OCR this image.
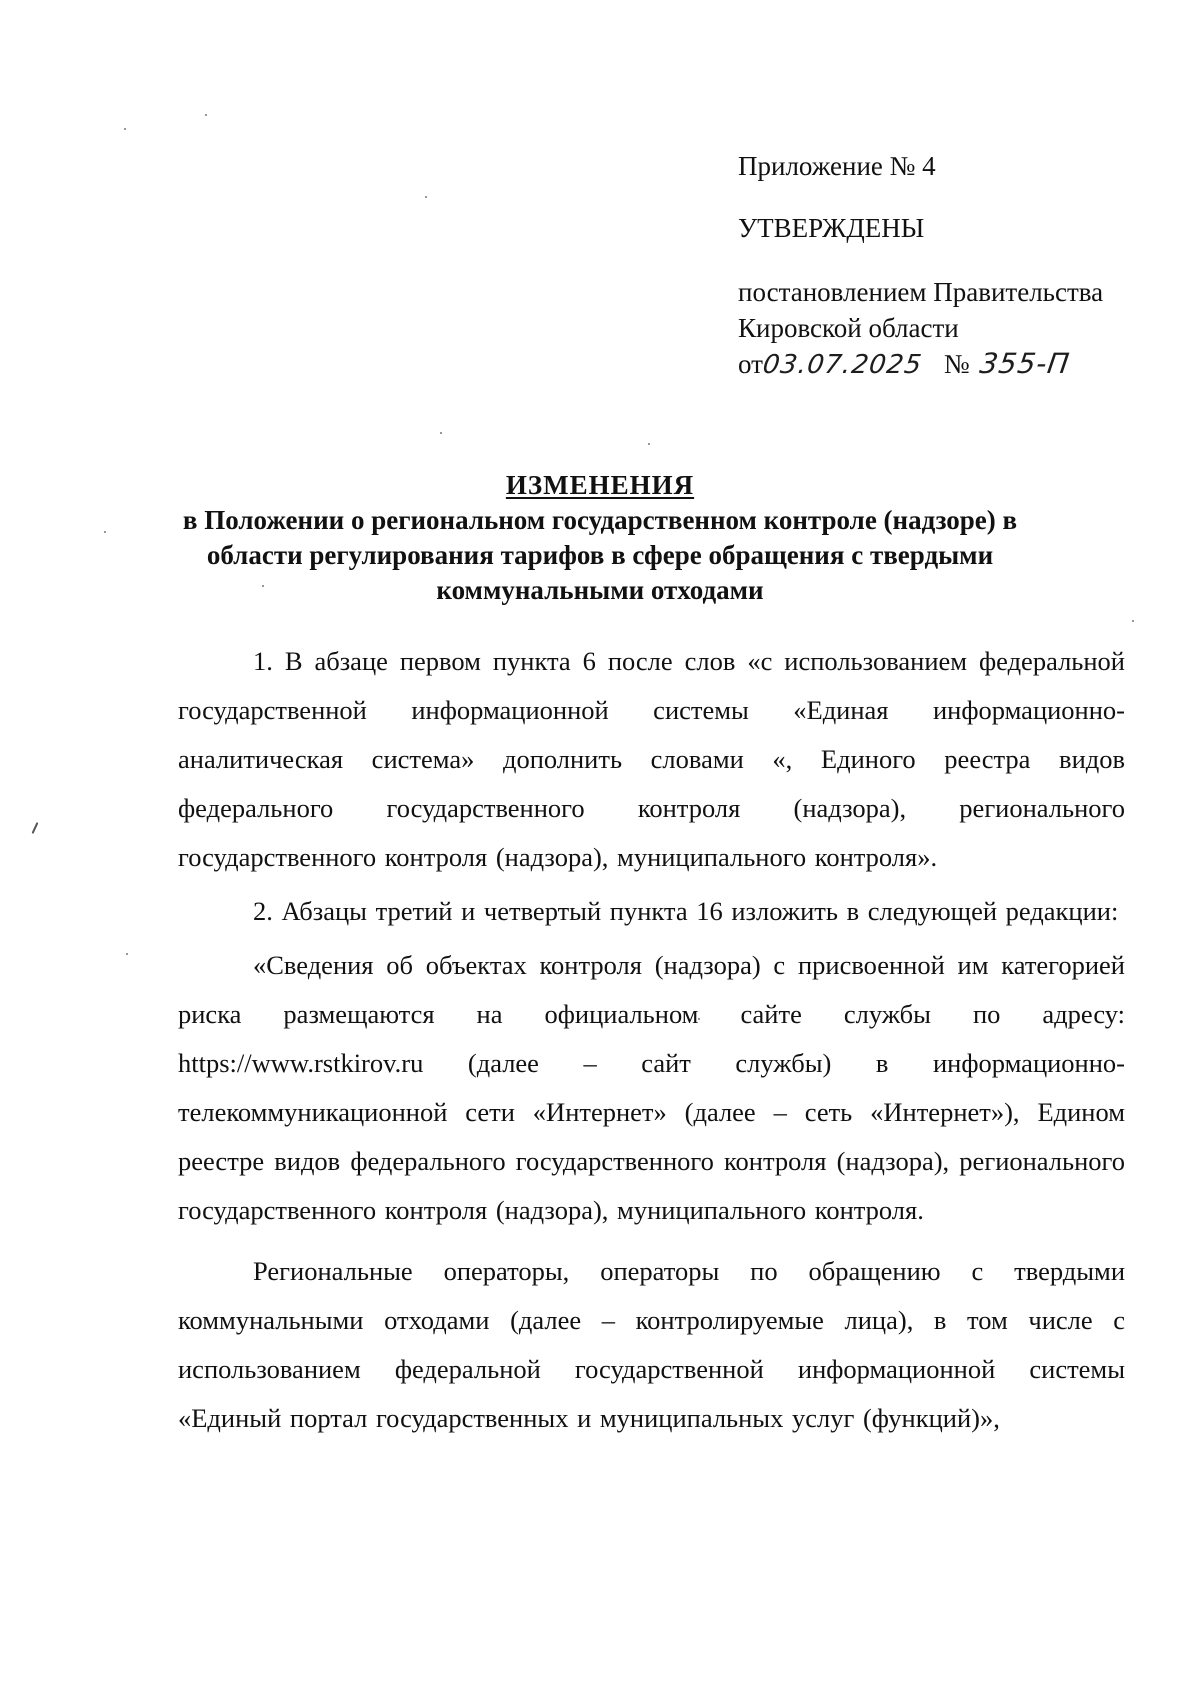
Приложение № 4

УТВЕРЖДЕНЫ

постановлением Правительства
Кировской области
от03.07.2025 № 355-П
ИЗМЕНЕНИЯ
в Положении о региональном государственном контроле (надзоре) в
области регулирования тарифов в сфере обращения с твердыми
коммунальными отходами

1. В абзаце первом пункта 6 после слов «с использованием федеральной государственной информационной системы «Единая информационно-аналитическая система» дополнить словами «, Единого реестра видов федерального государственного контроля (надзора), регионального государственного контроля (надзора), муниципального контроля».

2. Абзацы третий и четвертый пункта 16 изложить в следующей редакции:

«Сведения об объектах контроля (надзора) с присвоенной им категорией риска размещаются на официальном сайте службы по адресу: https://www.rstkirov.ru (далее – сайт службы) в информационно-телекоммуникационной сети «Интернет» (далее – сеть «Интернет»), Едином реестре видов федерального государственного контроля (надзора), регионального государственного контроля (надзора), муниципального контроля.

Региональные операторы, операторы по обращению с твердыми коммунальными отходами (далее – контролируемые лица), в том числе с использованием федеральной государственной информационной системы «Единый портал государственных и муниципальных услуг (функций)»,
